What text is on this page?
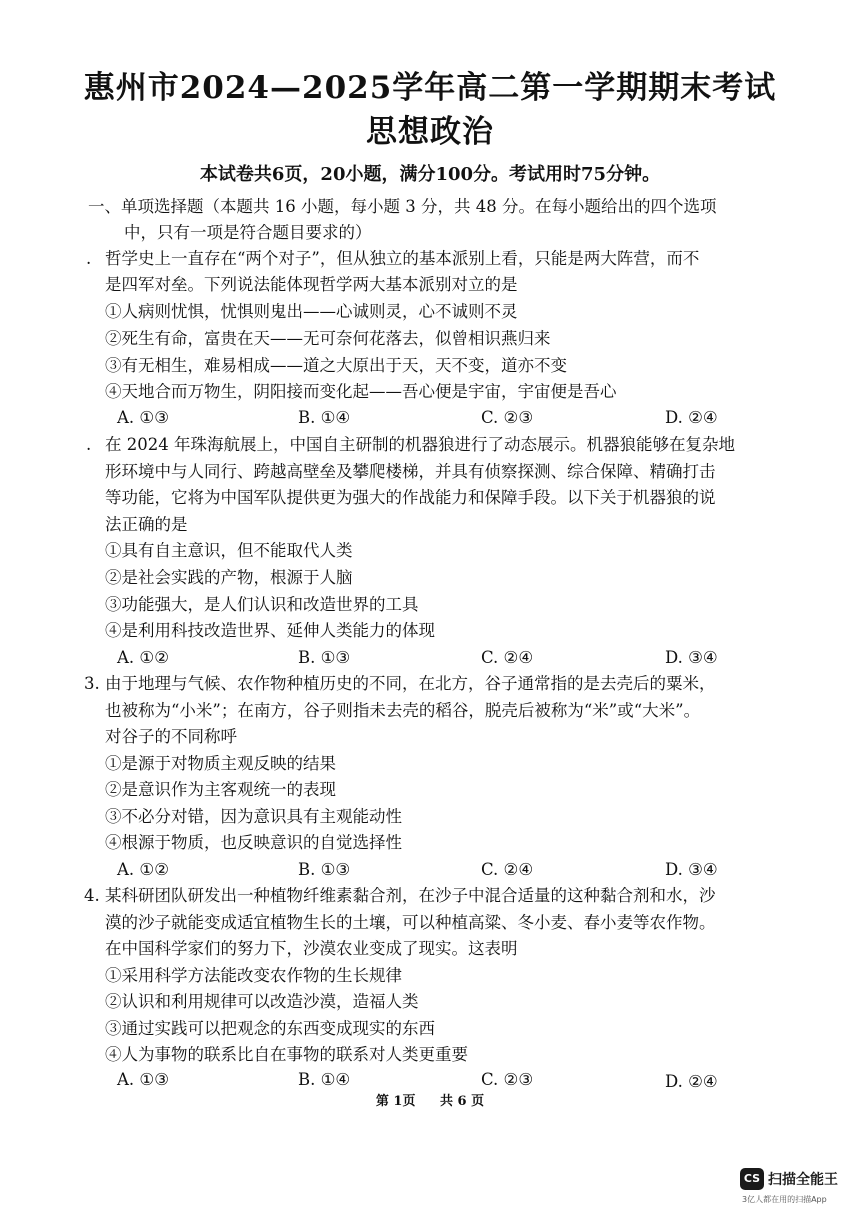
惠州市2024—2025学年高二第一学期期末考试
思想政治
本试卷共6页，20小题，满分100分。考试用时75分钟。
一、单项选择题（本题共 16 小题，每小题 3 分，共 48 分。在每小题给出的四个选项
中，只有一项是符合题目要求的）
. 哲学史上一直存在“两个对子”，但从独立的基本派别上看，只能是两大阵营，而不
是四军对垒。下列说法能体现哲学两大基本派别对立的是
①人病则忧惧，忧惧则鬼出——心诚则灵，心不诚则不灵
②死生有命，富贵在天——无可奈何花落去，似曾相识燕归来
③有无相生，难易相成——道之大原出于天，天不变，道亦不变
④天地合而万物生，阴阳接而变化起——吾心便是宇宙，宇宙便是吾心
A. ①③	B. ①④	C. ②③	D. ②④
. 在 2024 年珠海航展上，中国自主研制的机器狼进行了动态展示。机器狼能够在复杂地
形环境中与人同行、跨越高壁垒及攀爬楼梯，并具有侦察探测、综合保障、精确打击
等功能，它将为中国军队提供更为强大的作战能力和保障手段。以下关于机器狼的说
法正确的是
①具有自主意识，但不能取代人类
②是社会实践的产物，根源于人脑
③功能强大，是人们认识和改造世界的工具
④是利用科技改造世界、延伸人类能力的体现
A. ①②	B. ①③	C. ②④	D. ③④
3. 由于地理与气候、农作物种植历史的不同，在北方，谷子通常指的是去壳后的粟米，
也被称为“小米”；在南方，谷子则指未去壳的稻谷，脱壳后被称为“米”或“大米”。
对谷子的不同称呼
①是源于对物质主观反映的结果
②是意识作为主客观统一的表现
③不必分对错，因为意识具有主观能动性
④根源于物质，也反映意识的自觉选择性
A. ①②	B. ①③	C. ②④	D. ③④
4. 某科研团队研发出一种植物纤维素黏合剂，在沙子中混合适量的这种黏合剂和水，沙
漠的沙子就能变成适宜植物生长的土壤，可以种植高粱、冬小麦、春小麦等农作物。
在中国科学家们的努力下，沙漠农业变成了现实。这表明
①采用科学方法能改变农作物的生长规律
②认识和利用规律可以改造沙漠，造福人类
③通过实践可以把观念的东西变成现实的东西
④人为事物的联系比自在事物的联系对人类更重要
A. ①③	B. ①④	C. ②③	D. ②④
第 1页 共 6 页
CS 扫描全能王
3亿人都在用的扫描App
